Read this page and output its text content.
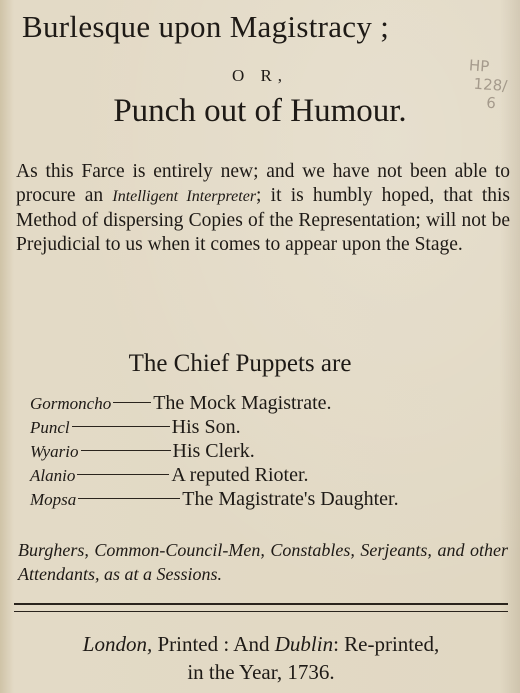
Burlesque upon Magistracy ;
O R,
Punch out of Humour.
HP
128/
6
As this Farce is entirely new; and we have not been able to procure an Intelligent Interpreter; it is humbly hoped, that this Method of dispersing Copies of the Representation; will not be Prejudicial to us when it comes to appear upon the Stage.
The Chief Puppets are
Gormoncho The Mock Magistrate.
Puncl	His Son.
Wyario	His Clerk.
Alanio	A reputed Rioter.
Mopsa	The Magistrate's Daughter.
Burghers, Common-Council-Men, Constables, Serjeants, and other Attendants, as at a Sessions.
London, Printed : And Dublin: Re-printed,
in the Year, 1736.
